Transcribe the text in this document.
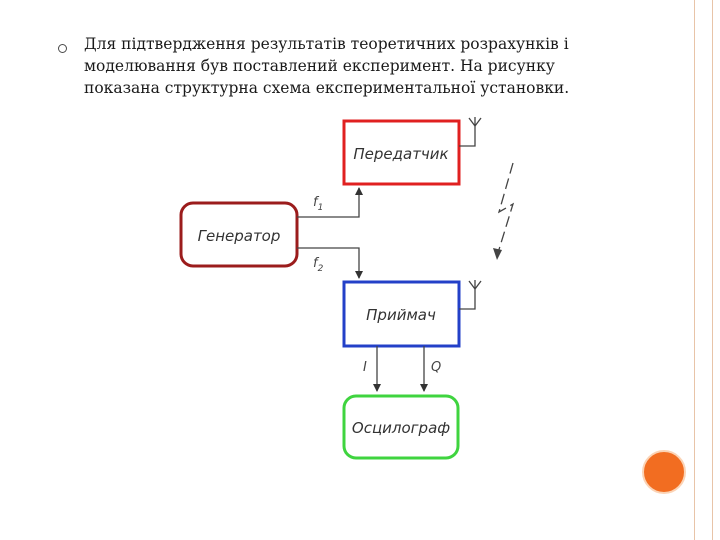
Для підтвердження результатів теоретичних розрахунків і
моделювання був поставлений експеримент. На рисунку
показана структурна схема експериментальної установки.

Передатчик
Генератор
Приймач
Осцилограф
$f_1$
$f_2$
I	Q
